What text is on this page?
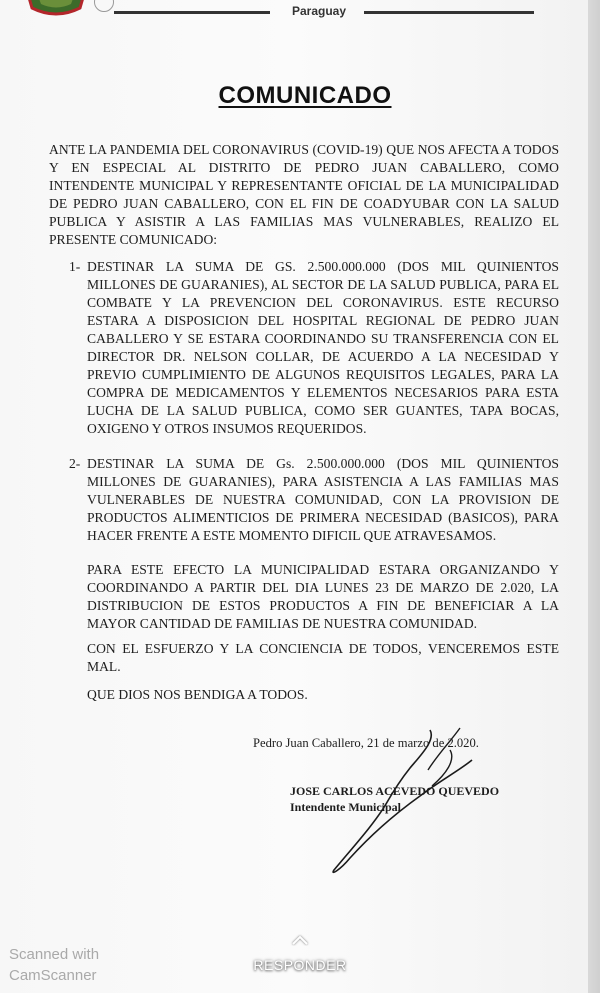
Paraguay
COMUNICADO
ANTE LA PANDEMIA DEL CORONAVIRUS (COVID-19) QUE NOS AFECTA A TODOS Y EN ESPECIAL AL DISTRITO DE PEDRO JUAN CABALLERO, COMO INTENDENTE MUNICIPAL Y REPRESENTANTE OFICIAL DE LA MUNICIPALIDAD DE PEDRO JUAN CABALLERO, CON EL FIN DE COADYUBAR CON LA SALUD PUBLICA Y ASISTIR A LAS FAMILIAS MAS VULNERABLES, REALIZO EL PRESENTE COMUNICADO:
1- DESTINAR LA SUMA DE GS. 2.500.000.000 (DOS MIL QUINIENTOS MILLONES DE GUARANIES), AL SECTOR DE LA SALUD PUBLICA, PARA EL COMBATE Y LA PREVENCION DEL CORONAVIRUS. ESTE RECURSO ESTARA A DISPOSICION DEL HOSPITAL REGIONAL DE PEDRO JUAN CABALLERO Y SE ESTARA COORDINANDO SU TRANSFERENCIA CON EL DIRECTOR DR. NELSON COLLAR, DE ACUERDO A LA NECESIDAD Y PREVIO CUMPLIMIENTO DE ALGUNOS REQUISITOS LEGALES, PARA LA COMPRA DE MEDICAMENTOS Y ELEMENTOS NECESARIOS PARA ESTA LUCHA DE LA SALUD PUBLICA, COMO SER GUANTES, TAPA BOCAS, OXIGENO Y OTROS INSUMOS REQUERIDOS.
2- DESTINAR LA SUMA DE Gs. 2.500.000.000 (DOS MIL QUINIENTOS MILLONES DE GUARANIES), PARA ASISTENCIA A LAS FAMILIAS MAS VULNERABLES DE NUESTRA COMUNIDAD, CON LA PROVISION DE PRODUCTOS ALIMENTICIOS DE PRIMERA NECESIDAD (BASICOS), PARA HACER FRENTE A ESTE MOMENTO DIFICIL QUE ATRAVESAMOS.
PARA ESTE EFECTO LA MUNICIPALIDAD ESTARA ORGANIZANDO Y COORDINANDO A PARTIR DEL DIA LUNES 23 DE MARZO DE 2.020, LA DISTRIBUCION DE ESTOS PRODUCTOS A FIN DE BENEFICIAR A LA MAYOR CANTIDAD DE FAMILIAS DE NUESTRA COMUNIDAD.
CON EL ESFUERZO Y LA CONCIENCIA DE TODOS, VENCEREMOS ESTE MAL.
QUE DIOS NOS BENDIGA A TODOS.
Pedro Juan Caballero, 21 de marzo de 2.020.
JOSE CARLOS ACEVEDO QUEVEDO
Intendente Municipal
Scanned with
CamScanner
RESPONDER
